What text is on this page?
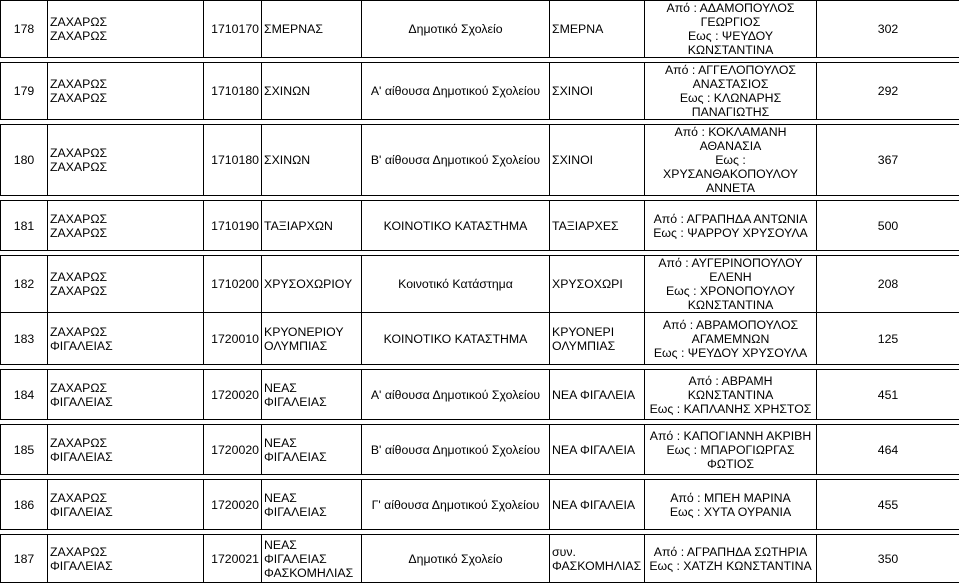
178	ΖΑΧΑΡΩΣ
ΖΑΧΑΡΩΣ	1710170	ΣΜΕΡΝΑΣ	Δημοτικό Σχολείο	ΣΜΕΡΝΑ	Από : ΑΔΑΜΟΠΟΥΛΟΣ
ΓΕΩΡΓΙΟΣ
Εως : ΨΕΥΔΟΥ ΚΩΝΣΤΑΝΤΙΝΑ	302

179	ΖΑΧΑΡΩΣ
ΖΑΧΑΡΩΣ	1710180	ΣΧΙΝΩΝ	Α' αίθουσα Δημοτικού Σχολείου	ΣΧΙΝΟΙ	Από : ΑΓΓΕΛΟΠΟΥΛΟΣ
ΑΝΑΣΤΑΣΙΟΣ
Εως : ΚΛΩΝΑΡΗΣ ΠΑΝΑΓΙΩΤΗΣ	292

180	ΖΑΧΑΡΩΣ
ΖΑΧΑΡΩΣ	1710180	ΣΧΙΝΩΝ	Β' αίθουσα Δημοτικού Σχολείου	ΣΧΙΝΟΙ	Από : ΚΟΚΛΑΜΑΝΗ ΑΘΑΝΑΣΙΑ
Εως : ΧΡΥΣΑΝΘΑΚΟΠΟΥΛΟΥ
ΑΝΝΕΤΑ	367

181	ΖΑΧΑΡΩΣ
ΖΑΧΑΡΩΣ	1710190	ΤΑΞΙΑΡΧΩΝ	ΚΟΙΝΟΤΙΚΟ ΚΑΤΑΣΤΗΜΑ	ΤΑΞΙΑΡΧΕΣ	Από : ΑΓΡΑΠΗΔΑ ΑΝΤΩΝΙΑ
Εως : ΨΑΡΡΟΥ ΧΡΥΣΟΥΛΑ	500

182	ΖΑΧΑΡΩΣ
ΖΑΧΑΡΩΣ	1710200	ΧΡΥΣΟΧΩΡΙΟΥ	Κοινοτικό Κατάστημα	ΧΡΥΣΟΧΩΡΙ	Από : ΑΥΓΕΡΙΝΟΠΟΥΛΟΥ
ΕΛΕΝΗ
Εως : ΧΡΟΝΟΠΟΥΛΟΥ
ΚΩΝΣΤΑΝΤΙΝΑ	208
183	ΖΑΧΑΡΩΣ
ΦΙΓΑΛΕΙΑΣ	1720010	ΚΡΥΟΝΕΡΙΟΥ
ΟΛΥΜΠΙΑΣ	ΚΟΙΝΟΤΙΚΟ ΚΑΤΑΣΤΗΜΑ	ΚΡΥΟΝΕΡΙ
ΟΛΥΜΠΙΑΣ	Από : ΑΒΡΑΜΟΠΟΥΛΟΣ
ΑΓΑΜΕΜΝΩΝ
Εως : ΨΕΥΔΟΥ ΧΡΥΣΟΥΛΑ	125

184	ΖΑΧΑΡΩΣ
ΦΙΓΑΛΕΙΑΣ	1720020	ΝΕΑΣ ΦΙΓΑΛΕΙΑΣ	Α' αίθουσα Δημοτικού Σχολείου	ΝΕΑ ΦΙΓΑΛΕΙΑ	Από : ΑΒΡΑΜΗ ΚΩΝΣΤΑΝΤΙΝΑ
Εως : ΚΑΠΛΑΝΗΣ ΧΡΗΣΤΟΣ	451

185	ΖΑΧΑΡΩΣ
ΦΙΓΑΛΕΙΑΣ	1720020	ΝΕΑΣ ΦΙΓΑΛΕΙΑΣ	Β' αίθουσα Δημοτικού Σχολείου	ΝΕΑ ΦΙΓΑΛΕΙΑ	Από : ΚΑΠΟΓΙΑΝΝΗ ΑΚΡΙΒΗ
Εως : ΜΠΑΡΟΓΙΩΡΓΑΣ ΦΩΤΙΟΣ	464

186	ΖΑΧΑΡΩΣ
ΦΙΓΑΛΕΙΑΣ	1720020	ΝΕΑΣ ΦΙΓΑΛΕΙΑΣ	Γ' αίθουσα Δημοτικού Σχολείου	ΝΕΑ ΦΙΓΑΛΕΙΑ	Από : ΜΠΕΗ ΜΑΡΙΝΑ
Εως : ΧΥΤΑ ΟΥΡΑΝΙΑ	455

187	ΖΑΧΑΡΩΣ
ΦΙΓΑΛΕΙΑΣ	1720021	ΝΕΑΣ ΦΙΓΑΛΕΙΑΣ
ΦΑΣΚΟΜΗΛΙΑΣ	Δημοτικό Σχολείο	συν. ΦΑΣΚΟΜΗΛΙΑΣ	Από : ΑΓΡΑΠΗΔΑ ΣΩΤΗΡΙΑ
Εως : ΧΑΤΖΗ ΚΩΝΣΤΑΝΤΙΝΑ	350
